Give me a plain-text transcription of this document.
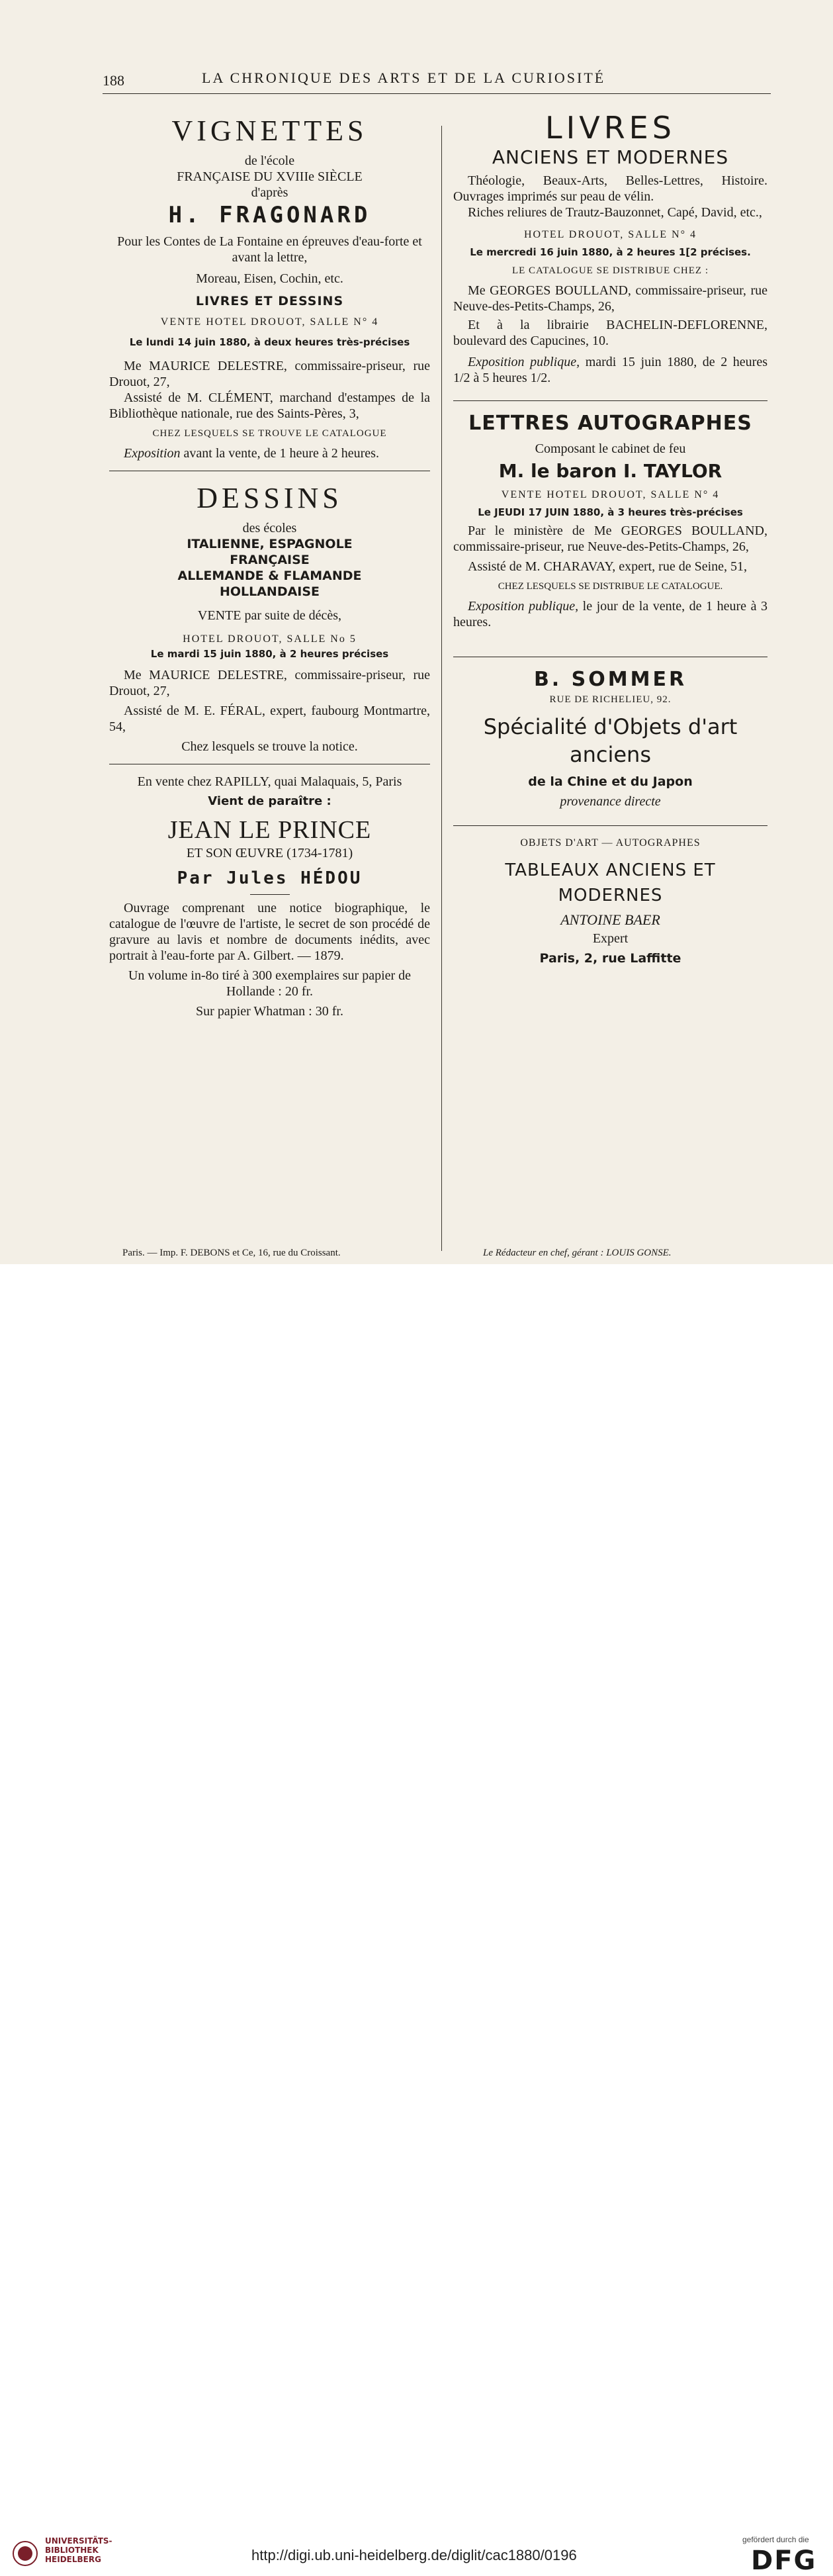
188	LA CHRONIQUE DES ARTS ET DE LA CURIOSITÉ

VIGNETTES

de l'école

FRANÇAISE DU XVIIIe SIÈCLE

d'après

H. FRAGONARD

Pour les Contes de La Fontaine en épreuves d'eau-forte et avant la lettre,

Moreau, Eisen, Cochin, etc.

LIVRES ET DESSINS

VENTE HOTEL DROUOT, SALLE N° 4

Le lundi 14 juin 1880, à deux heures très-précises

Me MAURICE DELESTRE, commissaire-priseur, rue Drouot, 27,

Assisté de M. CLÉMENT, marchand d'estampes de la Bibliothèque nationale, rue des Saints-Pères, 3,

CHEZ LESQUELS SE TROUVE LE CATALOGUE

Exposition avant la vente, de 1 heure à 2 heures.

DESSINS

des écoles

ITALIENNE, ESPAGNOLE

FRANÇAISE

ALLEMANDE & FLAMANDE

HOLLANDAISE

VENTE par suite de décès,

HOTEL DROUOT, SALLE No 5

Le mardi 15 juin 1880, à 2 heures précises

Me MAURICE DELESTRE, commissaire-priseur, rue Drouot, 27,

Assisté de M. E. FÉRAL, expert, faubourg Montmartre, 54,

Chez lesquels se trouve la notice.

En vente chez RAPILLY, quai Malaquais, 5, Paris

Vient de paraître :

JEAN LE PRINCE

ET SON ŒUVRE (1734-1781)

Par Jules HÉDOU

Ouvrage comprenant une notice biographique, le catalogue de l'œuvre de l'artiste, le secret de son procédé de gravure au lavis et nombre de documents inédits, avec portrait à l'eau-forte par A. Gilbert. — 1879.

Un volume in-8o tiré à 300 exemplaires sur papier de Hollande : 20 fr.

Sur papier Whatman : 30 fr.

LIVRES

ANCIENS ET MODERNES

Théologie, Beaux-Arts, Belles-Lettres, Histoire. Ouvrages imprimés sur peau de vélin.

Riches reliures de Trautz-Bauzonnet, Capé, David, etc.,

HOTEL DROUOT, SALLE N° 4

Le mercredi 16 juin 1880, à 2 heures 1[2 précises.

LE CATALOGUE SE DISTRIBUE CHEZ :

Me GEORGES BOULLAND, commissaire-priseur, rue Neuve-des-Petits-Champs, 26,

Et à la librairie BACHELIN-DEFLORENNE, boulevard des Capucines, 10.

Exposition publique, mardi 15 juin 1880, de 2 heures 1/2 à 5 heures 1/2.

LETTRES AUTOGRAPHES

Composant le cabinet de feu

M. le baron I. TAYLOR

VENTE HOTEL DROUOT, SALLE N° 4

Le JEUDI 17 JUIN 1880, à 3 heures très-précises

Par le ministère de Me GEORGES BOULLAND, commissaire-priseur, rue Neuve-des-Petits-Champs, 26,

Assisté de M. CHARAVAY, expert, rue de Seine, 51,

CHEZ LESQUELS SE DISTRIBUE LE CATALOGUE.

Exposition publique, le jour de la vente, de 1 heure à 3 heures.

B. SOMMER

RUE DE RICHELIEU, 92.

Spécialité d'Objets d'art anciens

de la Chine et du Japon

provenance directe

OBJETS D'ART — AUTOGRAPHES

TABLEAUX ANCIENS ET MODERNES

ANTOINE BAER

Expert

Paris, 2, rue Laffitte

Paris. — Imp. F. DEBONS et Ce, 16, rue du Croissant.	Le Rédacteur en chef, gérant : LOUIS GONSE.
UNIVERSITÄTS-
BIBLIOTHEK
HEIDELBERG	http://digi.ub.uni-heidelberg.de/diglit/cac1880/0196
gefördert durch die
DFG
